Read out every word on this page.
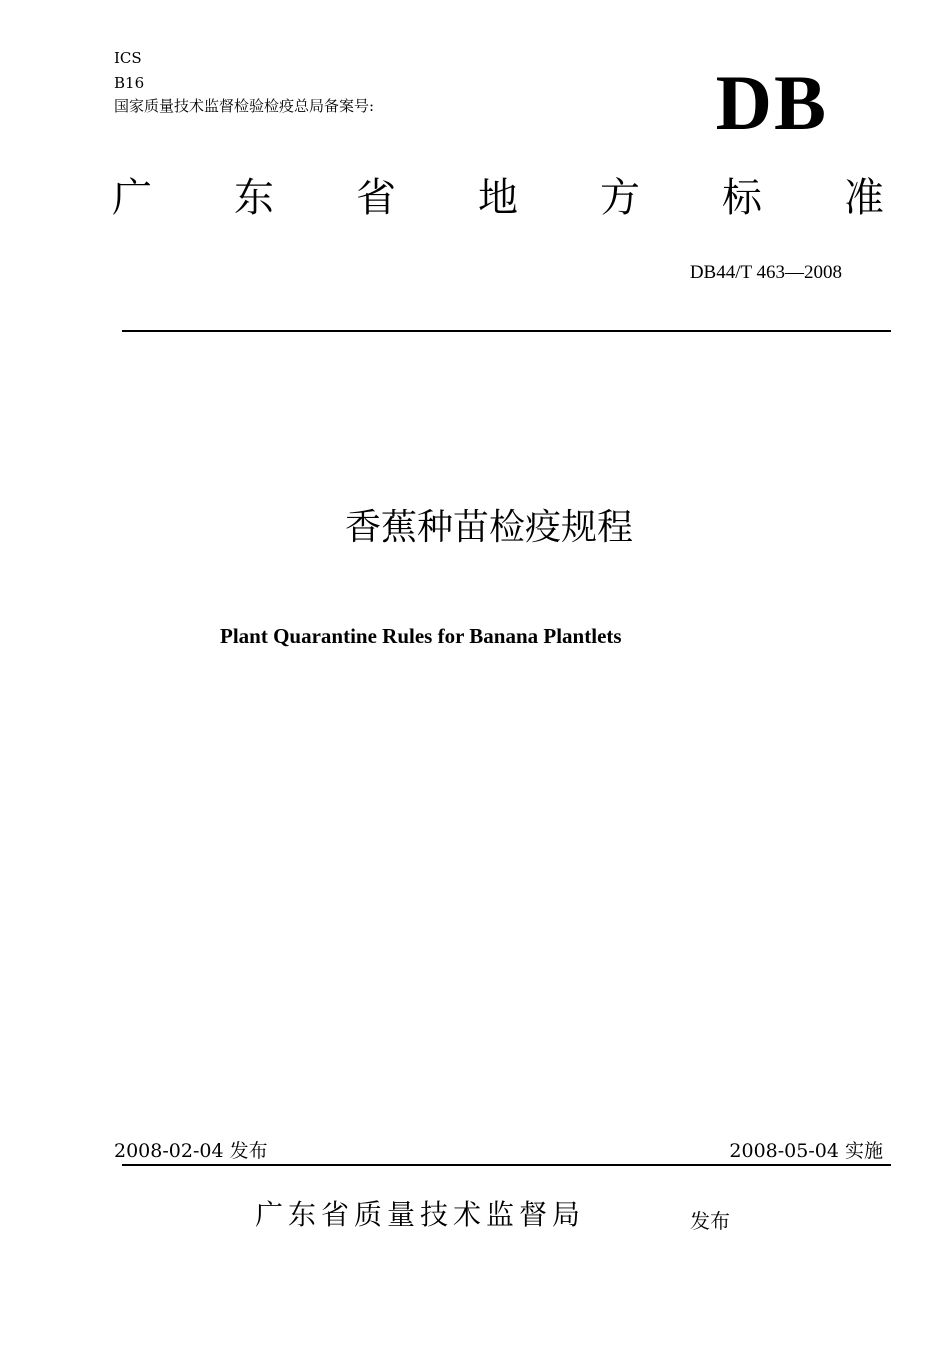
ICS
B16
国家质量技术监督检验检疫总局备案号:	DB
广 东 省 地 方 标 准
DB44/T 463—2008
香蕉种苗检疫规程
Plant Quarantine Rules for Banana Plantlets
2008-02-04 发布	2008-05-04 实施
广东省质量技术监督局	发布
